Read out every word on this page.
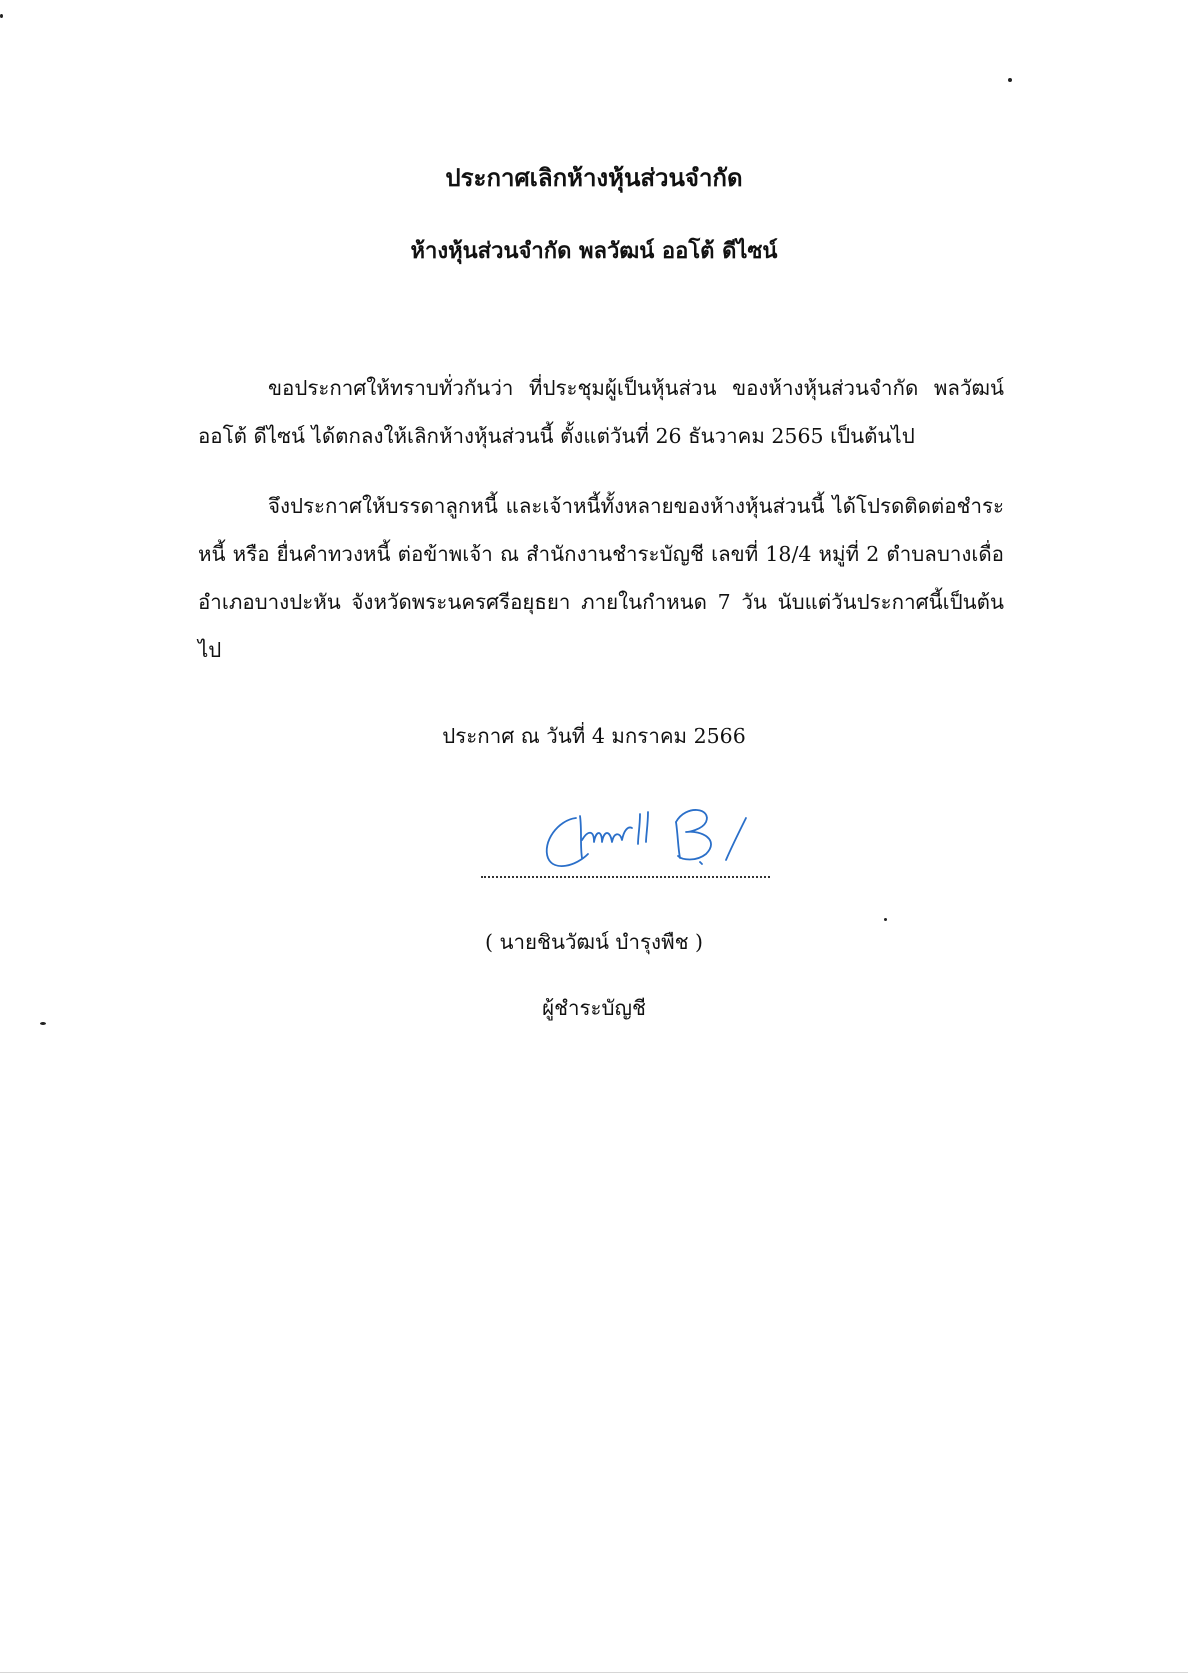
ประกาศเลิกห้างหุ้นส่วนจำกัด
ห้างหุ้นส่วนจำกัด พลวัฒน์ ออโต้ ดีไซน์
ขอประกาศให้ทราบทั่วกันว่า ที่ประชุมผู้เป็นหุ้นส่วน ของห้างหุ้นส่วนจำกัด พลวัฒน์ ออโต้ ดีไซน์ ได้ตกลงให้เลิกห้างหุ้นส่วนนี้ ตั้งแต่วันที่ 26 ธันวาคม 2565 เป็นต้นไป
จึงประกาศให้บรรดาลูกหนี้ และเจ้าหนี้ทั้งหลายของห้างหุ้นส่วนนี้ ได้โปรดติดต่อชำระหนี้ หรือ ยื่นคำทวงหนี้ ต่อข้าพเจ้า ณ สำนักงานชำระบัญชี เลขที่ 18/4 หมู่ที่ 2 ตำบลบางเดื่อ อำเภอบางปะหัน จังหวัดพระนครศรีอยุธยา ภายในกำหนด 7 วัน นับแต่วันประกาศนี้เป็นต้นไป
ประกาศ ณ วันที่ 4 มกราคม 2566
( นายชินวัฒน์ บำรุงพืช )
ผู้ชำระบัญชี
